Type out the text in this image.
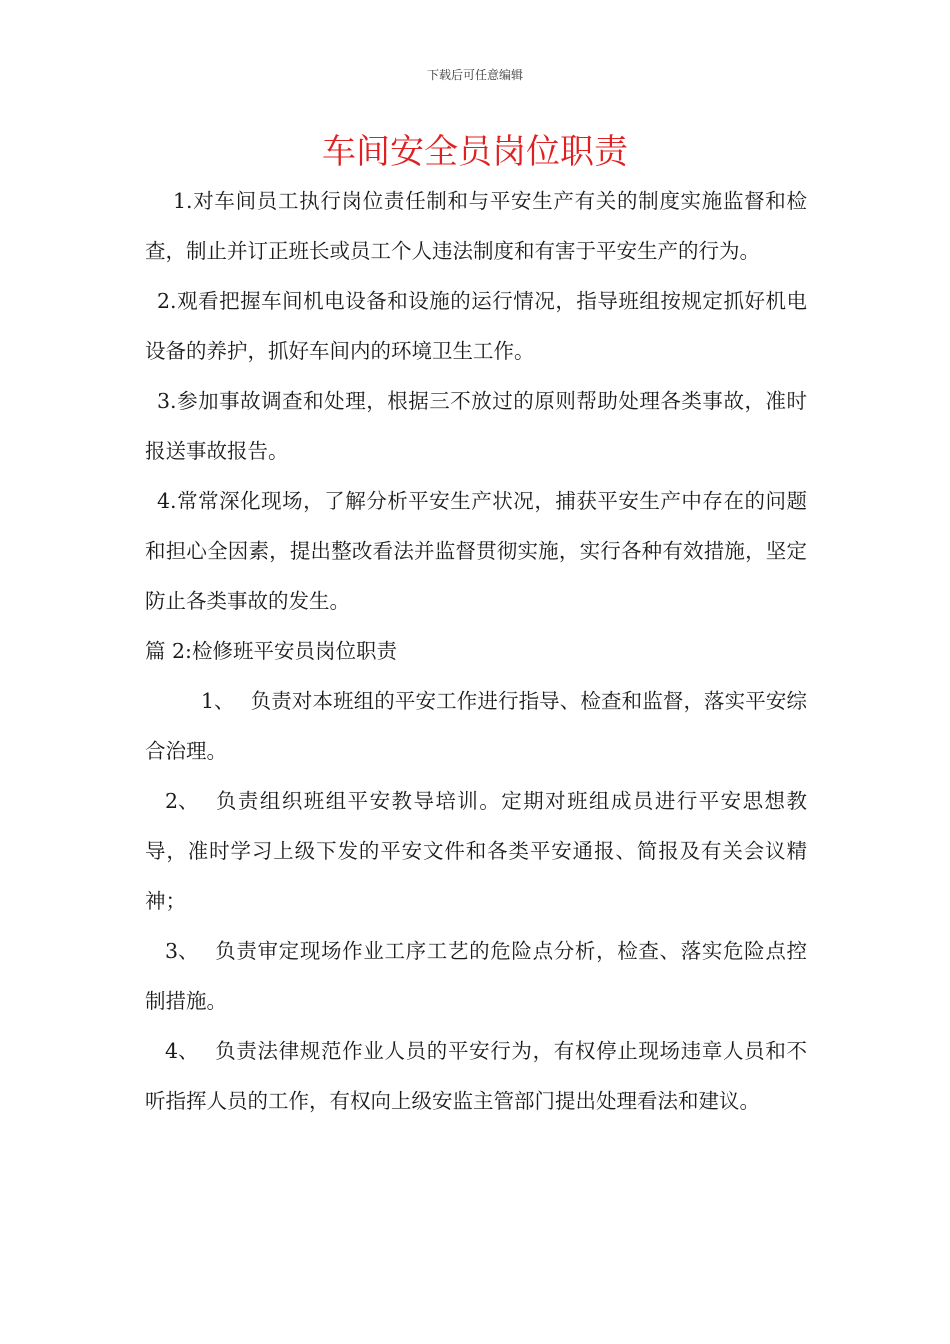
下载后可任意编辑
车间安全员岗位职责

1.对车间员工执行岗位责任制和与平安生产有关的制度实施监督和检查，制止并订正班长或员工个人违法制度和有害于平安生产的行为。

2.观看把握车间机电设备和设施的运行情况，指导班组按规定抓好机电设备的养护，抓好车间内的环境卫生工作。

3.参加事故调查和处理，根据三不放过的原则帮助处理各类事故，准时报送事故报告。

4.常常深化现场，了解分析平安生产状况，捕获平安生产中存在的问题和担心全因素，提出整改看法并监督贯彻实施，实行各种有效措施，坚定防止各类事故的发生。

篇 2:检修班平安员岗位职责

1、 负责对本班组的平安工作进行指导、检查和监督，落实平安综合治理。

2、 负责组织班组平安教导培训。定期对班组成员进行平安思想教导，准时学习上级下发的平安文件和各类平安通报、简报及有关会议精神；

3、 负责审定现场作业工序工艺的危险点分析，检查、落实危险点控制措施。

4、 负责法律规范作业人员的平安行为，有权停止现场违章人员和不听指挥人员的工作，有权向上级安监主管部门提出处理看法和建议。
